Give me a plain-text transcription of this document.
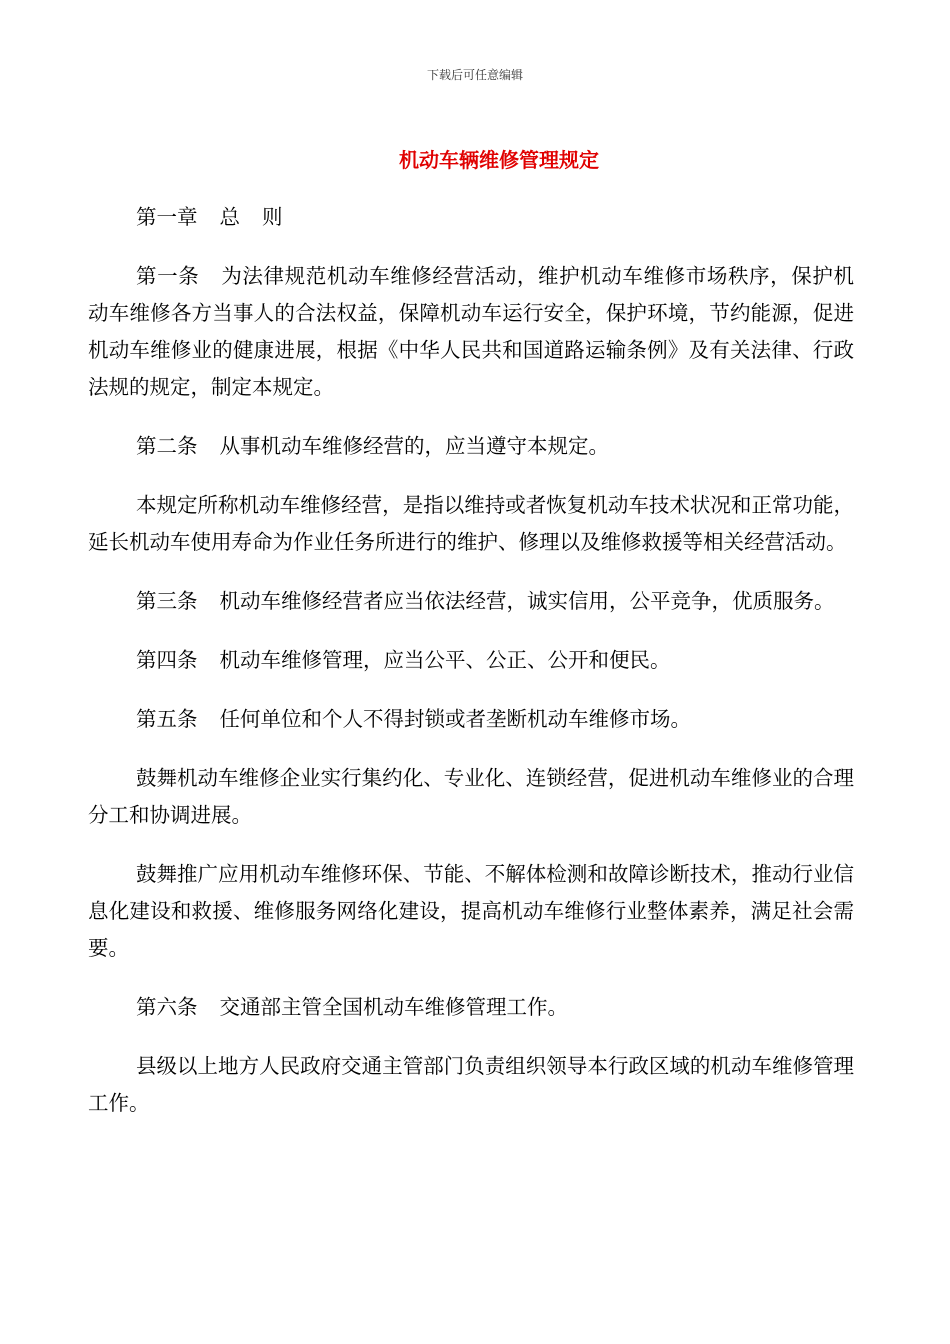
下载后可任意编辑
机动车辆维修管理规定

第一章 总 则

第一条 为法律规范机动车维修经营活动，维护机动车维修市场秩序，保护机动车维修各方当事人的合法权益，保障机动车运行安全，保护环境，节约能源，促进机动车维修业的健康进展，根据《中华人民共和国道路运输条例》及有关法律、行政法规的规定，制定本规定。

第二条 从事机动车维修经营的，应当遵守本规定。

本规定所称机动车维修经营，是指以维持或者恢复机动车技术状况和正常功能，延长机动车使用寿命为作业任务所进行的维护、修理以及维修救援等相关经营活动。

第三条 机动车维修经营者应当依法经营，诚实信用，公平竞争，优质服务。

第四条 机动车维修管理，应当公平、公正、公开和便民。

第五条 任何单位和个人不得封锁或者垄断机动车维修市场。

鼓舞机动车维修企业实行集约化、专业化、连锁经营，促进机动车维修业的合理分工和协调进展。

鼓舞推广应用机动车维修环保、节能、不解体检测和故障诊断技术，推动行业信息化建设和救援、维修服务网络化建设，提高机动车维修行业整体素养，满足社会需要。

第六条 交通部主管全国机动车维修管理工作。

县级以上地方人民政府交通主管部门负责组织领导本行政区域的机动车维修管理工作。
